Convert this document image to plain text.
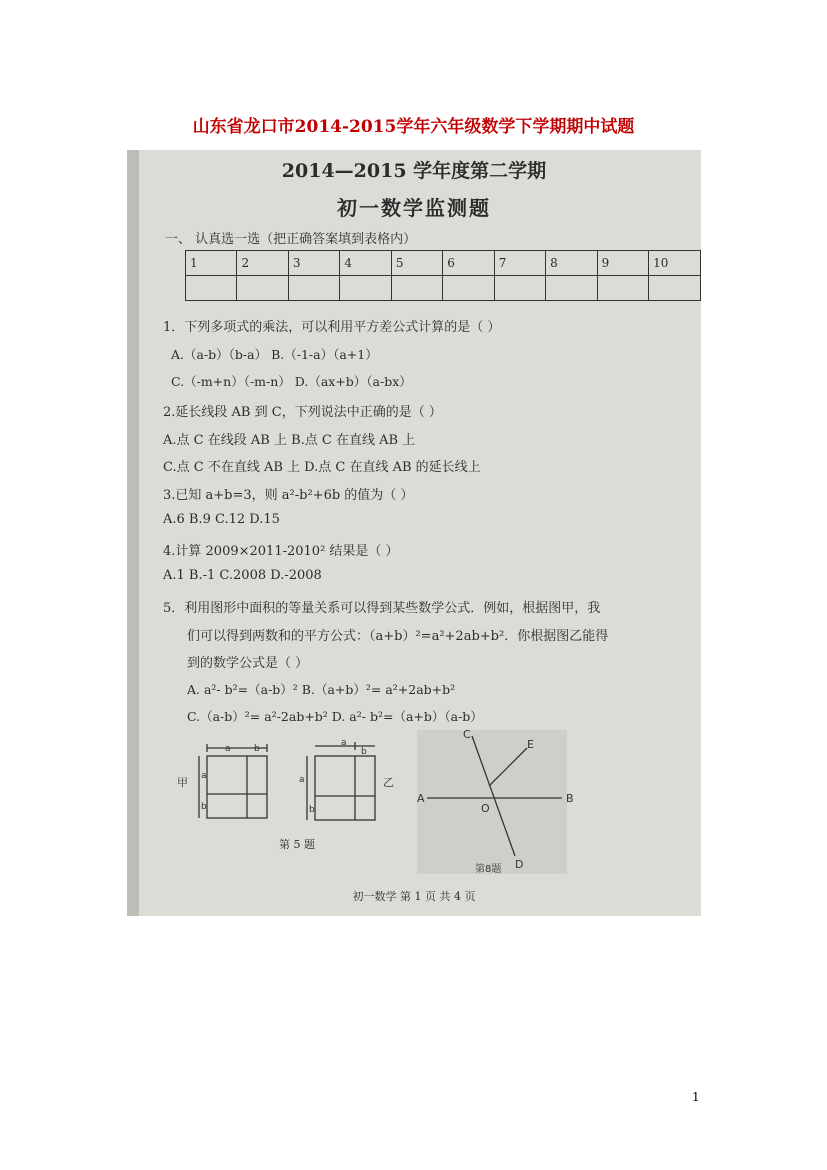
山东省龙口市2014-2015学年六年级数学下学期期中试题
2014—2015 学年度第二学期
初一数学监测题
一、 认真选一选（把正确答案填到表格内）
1	2	3	4	5	6	7	8	9	10

1．下列多项式的乘法，可以利用平方差公式计算的是（ ）
A.（a-b）（b-a） B.（-1-a）（a+1）
C.（-m+n）（-m-n） D.（ax+b）（a-bx）
2.延长线段 AB 到 C，下列说法中正确的是（ ）
A.点 C 在线段 AB 上 B.点 C 在直线 AB 上
C.点 C 不在直线 AB 上 D.点 C 在直线 AB 的延长线上
3.已知 a+b=3，则 a²-b²+6b 的值为（ ）
A.6 B.9 C.12 D.15
4.计算 2009×2011-2010² 结果是（ ）
A.1 B.-1 C.2008 D.-2008
5．利用图形中面积的等量关系可以得到某些数学公式．例如，根据图甲，我
们可以得到两数和的平方公式：（a+b）²=a²+2ab+b²．你根据图乙能得
到的数学公式是（ ）
A. a²- b²=（a-b）² B.（a+b）²= a²+2ab+b²
C.（a-b）²= a²-2ab+b² D. a²- b²=（a+b）（a-b）
a	b
a
b
甲
a
b
a
b
乙
第 5 题
A	B
C
D
E
O
第8题
初一数学 第 1 页 共 4 页
1
